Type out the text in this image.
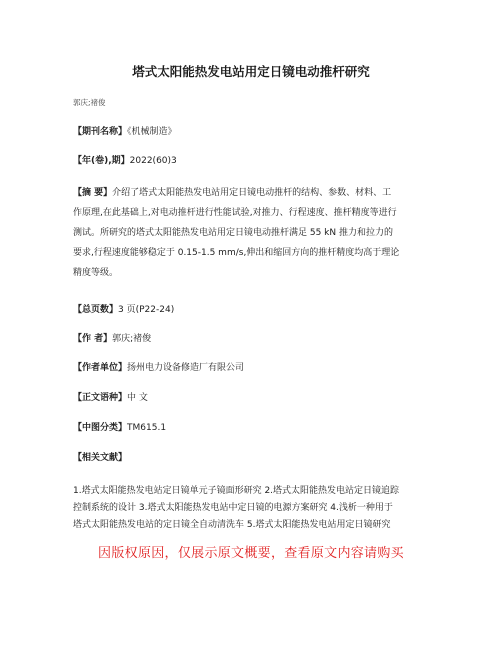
塔式太阳能热发电站用定日镜电动推杆研究
郭庆;褚俊
【期刊名称】《机械制造》
【年(卷),期】2022(60)3
【摘 要】介绍了塔式太阳能热发电站用定日镜电动推杆的结构、参数、材料、工
作原理,在此基础上,对电动推杆进行性能试验,对推力、行程速度、推杆精度等进行
测试。所研究的塔式太阳能热发电站用定日镜电动推杆满足 55 kN 推力和拉力的
要求,行程速度能够稳定于 0.15-1.5 mm/s,伸出和缩回方向的推杆精度均高于理论
精度等级。
【总页数】3 页(P22-24)
【作 者】郭庆;褚俊
【作者单位】扬州电力设备修造厂有限公司
【正文语种】中 文
【中图分类】TM615.1
【相关文献】
1.塔式太阳能热发电站定日镜单元子镜面形研究 2.塔式太阳能热发电站定日镜追踪
控制系统的设计 3.塔式太阳能热发电站中定日镜的电源方案研究 4.浅析一种用于
塔式太阳能热发电站的定日镜全自动清洗车 5.塔式太阳能热发电站用定日镜研究
因版权原因，仅展示原文概要，查看原文内容请购买
